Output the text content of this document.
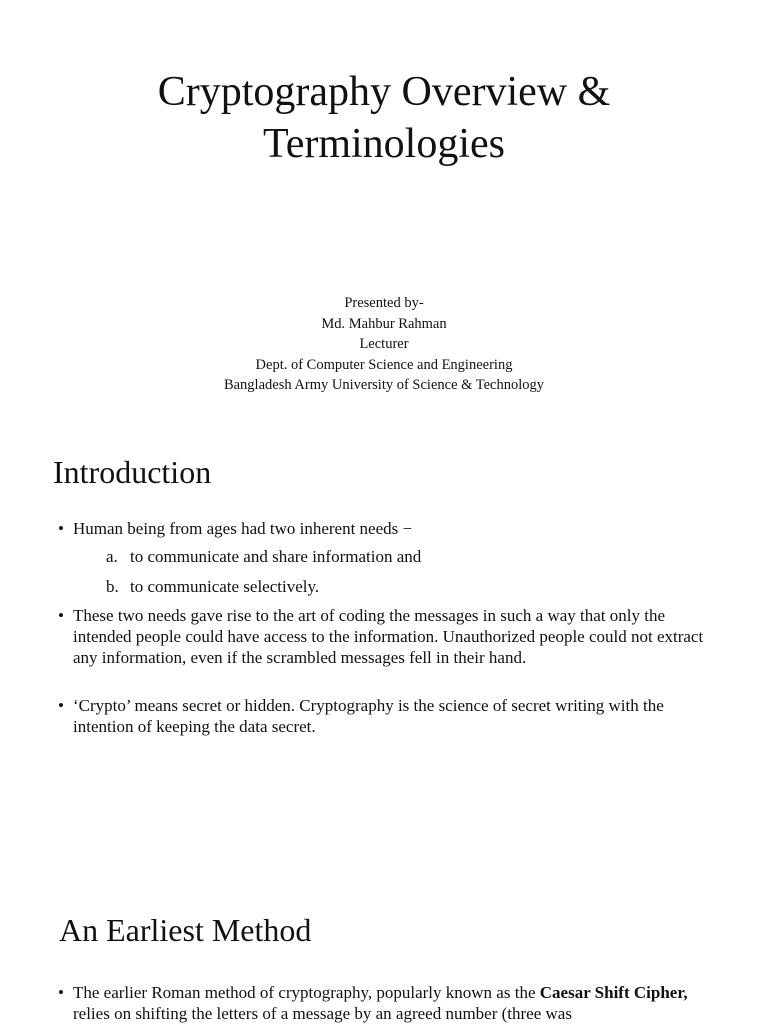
Cryptography Overview &
Terminologies
Presented by-
Md. Mahbur Rahman
Lecturer
Dept. of Computer Science and Engineering
Bangladesh Army University of Science & Technology
Introduction
• Human being from ages had two inherent needs −
a. to communicate and share information and
b. to communicate selectively.
• These two needs gave rise to the art of coding the messages in such a way that only the intended people could have access to the information. Unauthorized people could not extract any information, even if the scrambled messages fell in their hand.
• ‘Crypto’ means secret or hidden. Cryptography is the science of secret writing with the intention of keeping the data secret.
An Earliest Method
• The earlier Roman method of cryptography, popularly known as the Caesar Shift Cipher, relies on shifting the letters of a message by an agreed number (three was
